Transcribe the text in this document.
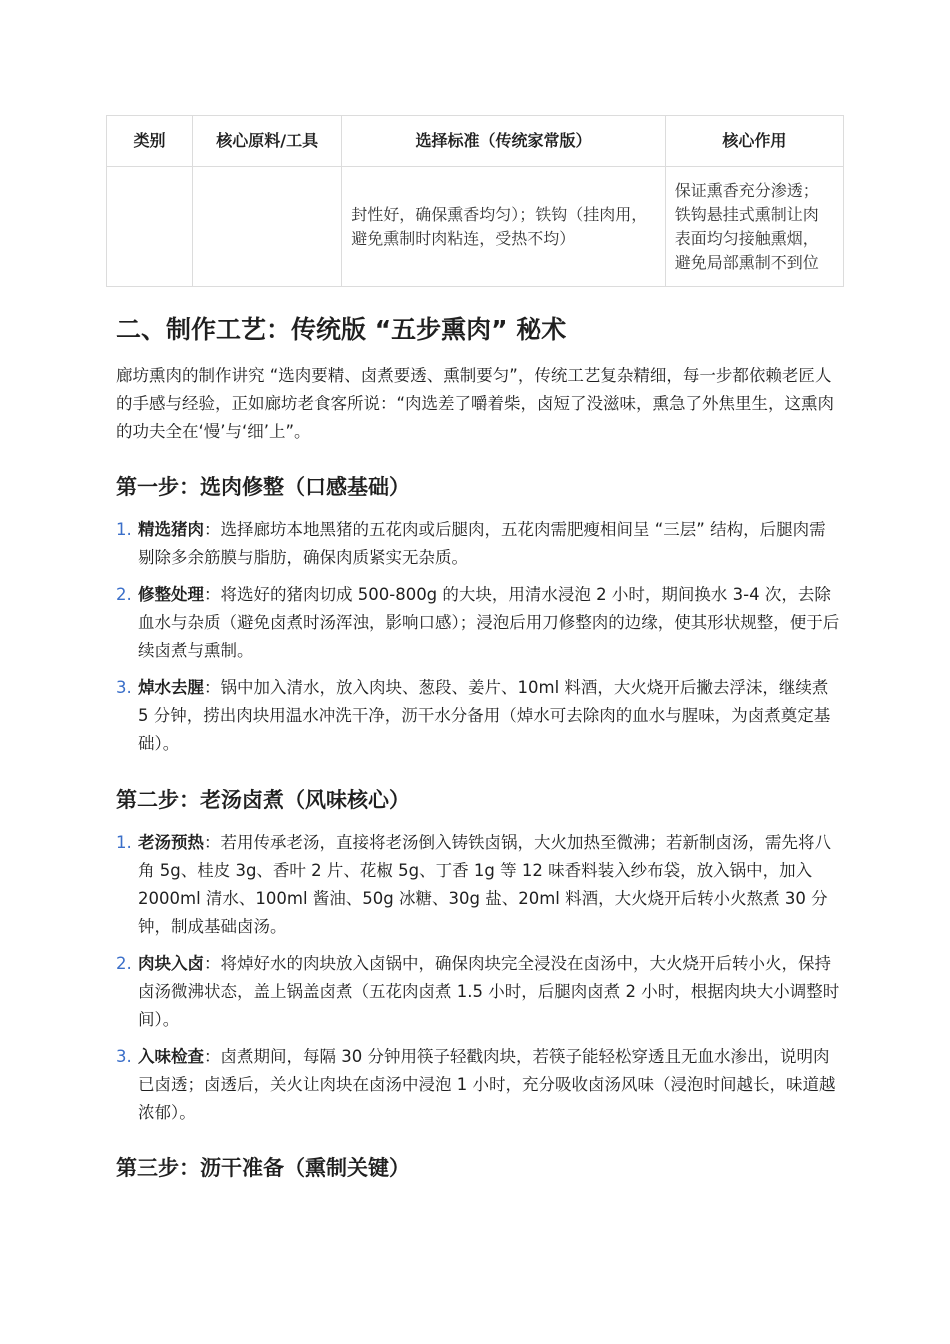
类别	核心原料/工具	选择标准（传统家常版）	核心作用
		封性好，确保熏香均匀）；铁钩（挂肉用，避免熏制时肉粘连，受热不均）	保证熏香充分渗透；铁钩悬挂式熏制让肉表面均匀接触熏烟，避免局部熏制不到位
二、制作工艺：传统版 “五步熏肉” 秘术

廊坊熏肉的制作讲究 “选肉要精、卤煮要透、熏制要匀”，传统工艺复杂精细，每一步都依赖老匠人的手感与经验，正如廊坊老食客所说：“肉选差了嚼着柴，卤短了没滋味，熏急了外焦里生，这熏肉的功夫全在‘慢’与‘细’上”。

第一步：选肉修整（口感基础）
1. 精选猪肉：选择廊坊本地黑猪的五花肉或后腿肉，五花肉需肥瘦相间呈 “三层” 结构，后腿肉需剔除多余筋膜与脂肪，确保肉质紧实无杂质。
2. 修整处理：将选好的猪肉切成 500-800g 的大块，用清水浸泡 2 小时，期间换水 3-4 次，去除血水与杂质（避免卤煮时汤浑浊，影响口感）；浸泡后用刀修整肉的边缘，使其形状规整，便于后续卤煮与熏制。
3. 焯水去腥：锅中加入清水，放入肉块、葱段、姜片、10ml 料酒，大火烧开后撇去浮沫，继续煮 5 分钟，捞出肉块用温水冲洗干净，沥干水分备用（焯水可去除肉的血水与腥味，为卤煮奠定基础）。
第二步：老汤卤煮（风味核心）
1. 老汤预热：若用传承老汤，直接将老汤倒入铸铁卤锅，大火加热至微沸；若新制卤汤，需先将八角 5g、桂皮 3g、香叶 2 片、花椒 5g、丁香 1g 等 12 味香料装入纱布袋，放入锅中，加入 2000ml 清水、100ml 酱油、50g 冰糖、30g 盐、20ml 料酒，大火烧开后转小火熬煮 30 分钟，制成基础卤汤。
2. 肉块入卤：将焯好水的肉块放入卤锅中，确保肉块完全浸没在卤汤中，大火烧开后转小火，保持卤汤微沸状态，盖上锅盖卤煮（五花肉卤煮 1.5 小时，后腿肉卤煮 2 小时，根据肉块大小调整时间）。
3. 入味检查：卤煮期间，每隔 30 分钟用筷子轻戳肉块，若筷子能轻松穿透且无血水渗出，说明肉已卤透；卤透后，关火让肉块在卤汤中浸泡 1 小时，充分吸收卤汤风味（浸泡时间越长，味道越浓郁）。
第三步：沥干准备（熏制关键）
